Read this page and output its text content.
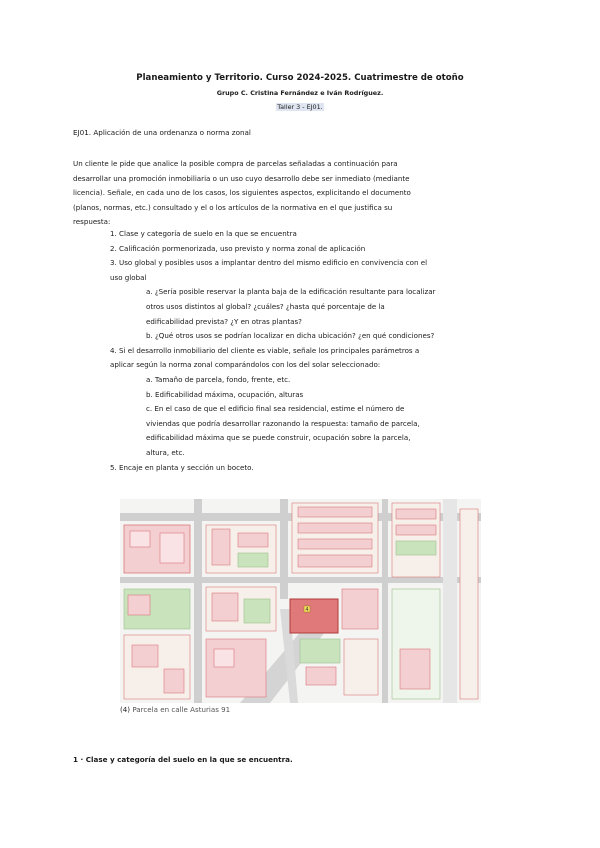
Planeamiento y Territorio. Curso 2024-2025. Cuatrimestre de otoño
Grupo C. Cristina Fernández e Iván Rodríguez.
Taller 3 - EJ01.
EJ01. Aplicación de una ordenanza o norma zonal
Un cliente le pide que analice la posible compra de parcelas señaladas a continuación para
desarrollar una promoción inmobiliaria o un uso cuyo desarrollo debe ser inmediato (mediante
licencia). Señale, en cada uno de los casos, los siguientes aspectos, explicitando el documento
(planos, normas, etc.) consultado y el o los artículos de la normativa en el que justifica su
respuesta:
1. Clase y categoría de suelo en la que se encuentra
2. Calificación pormenorizada, uso previsto y norma zonal de aplicación
3. Uso global y posibles usos a implantar dentro del mismo edificio en convivencia con el
uso global
a. ¿Sería posible reservar la planta baja de la edificación resultante para localizar
otros usos distintos al global? ¿cuáles? ¿hasta qué porcentaje de la
edificabilidad prevista? ¿Y en otras plantas?
b. ¿Qué otros usos se podrían localizar en dicha ubicación? ¿en qué condiciones?
4. Si el desarrollo inmobiliario del cliente es viable, señale los principales parámetros a
aplicar según la norma zonal comparándolos con los del solar seleccionado:
a. Tamaño de parcela, fondo, frente, etc.
b. Edificabilidad máxima, ocupación, alturas
c. En el caso de que el edificio final sea residencial, estime el número de
viviendas que podría desarrollar razonando la respuesta: tamaño de parcela,
edificabilidad máxima que se puede construir, ocupación sobre la parcela,
altura, etc.
5. Encaje en planta y sección un boceto.
4
(4) Parcela en calle Asturias 91
1 · Clase y categoría del suelo en la que se encuentra.
